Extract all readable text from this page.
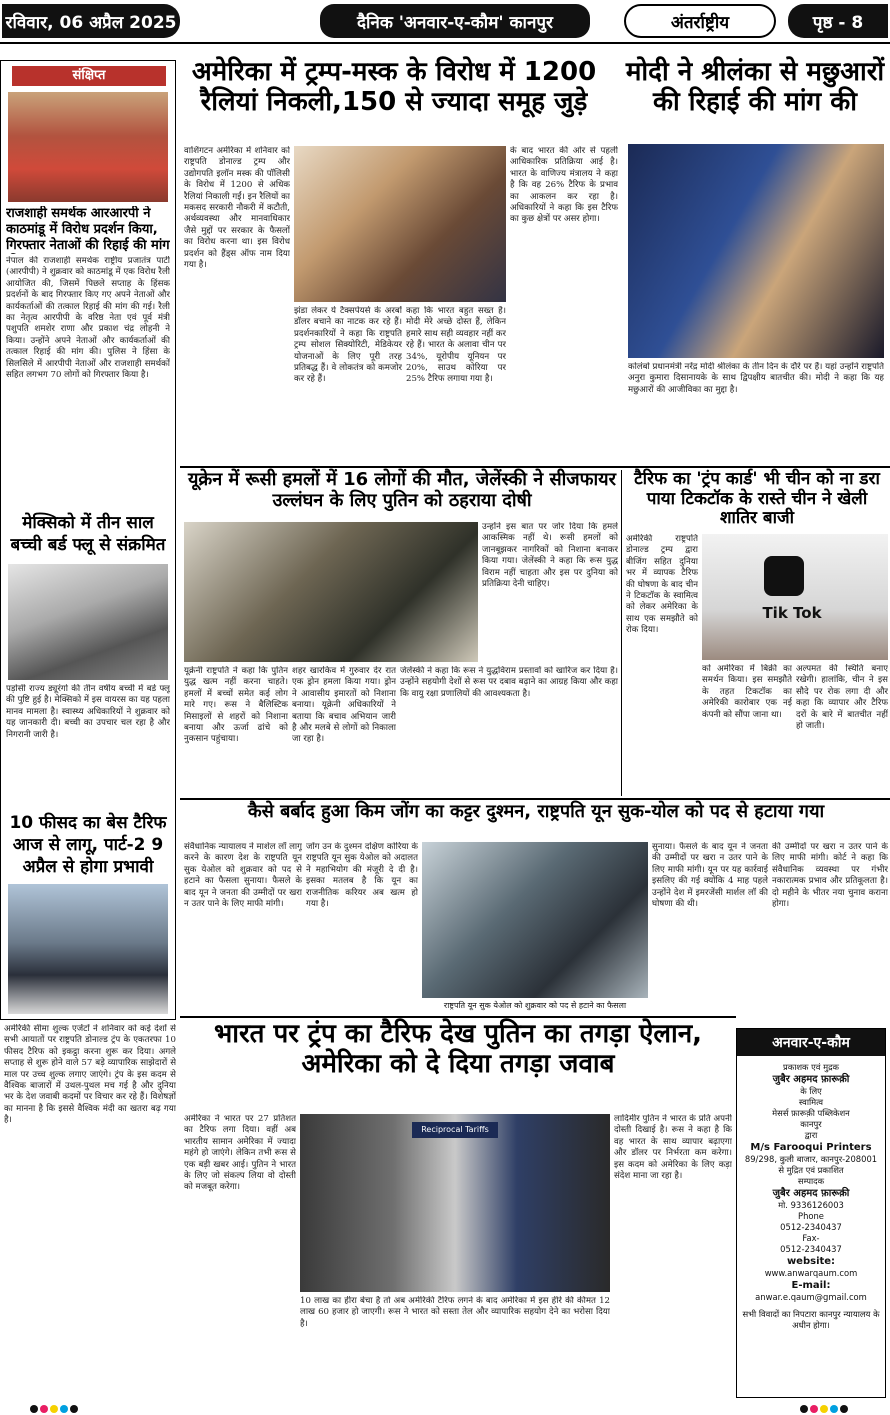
रविवार, 06 अप्रैल 2025	दैनिक 'अनवार-ए-कौम' कानपुर	अंतर्राष्ट्रीय	पृष्ठ - 8
संक्षिप्त
राजशाही समर्थक आरआरपी ने काठमांडू में विरोध प्रदर्शन किया, गिरफ्तार नेताओं की रिहाई की मांग
नेपाल की राजशाही समर्थक राष्ट्रीय प्रजातंत्र पार्टी (आरपीपी) ने शुक्रवार को काठमांडू में एक विरोध रैली आयोजित की, जिसमें पिछले सप्ताह के हिंसक प्रदर्शनों के बाद गिरफ्तार किए गए अपने नेताओं और कार्यकर्ताओं की तत्काल रिहाई की मांग की गई। रैली का नेतृत्व आरपीपी के वरिष्ठ नेता एवं पूर्व मंत्री पशुपति शमशेर राणा और प्रकाश चंद्र लोहनी ने किया। उन्होंने अपने नेताओं और कार्यकर्ताओं की तत्काल रिहाई की मांग की। पुलिस ने हिंसा के सिलसिले में आरपीपी नेताओं और राजशाही समर्थकों सहित लगभग 70 लोगों को गिरफ्तार किया है।
मेक्सिको में तीन साल बच्ची बर्ड फ्लू से संक्रमित
पड़ोसी राज्य ड्यूरंगो की तीन वर्षीय बच्ची में बर्ड फ्लू की पुष्टि हुई है। मेक्सिको में इस वायरस का यह पहला मानव मामला है। स्वास्थ्य अधिकारियों ने शुक्रवार को यह जानकारी दी। बच्ची का उपचार चल रहा है और निगरानी जारी है।
10 फीसद का बेस टैरिफ आज से लागू, पार्ट-2 9 अप्रैल से होगा प्रभावी
अमेरिका में ट्रम्प-मस्क के विरोध में 1200 रैलियां निकली,150 से ज्यादा समूह जुड़े
वाशिंगटन अमेरिका में शनिवार को राष्ट्रपति डोनाल्ड ट्रम्प और उद्योगपति इलॉन मस्क की पॉलिसी के विरोध में 1200 से अधिक रैलियां निकाली गईं। इन रैलियों का मकसद सरकारी नौकरी में कटौती, अर्थव्यवस्था और मानवाधिकार जैसे मुद्दों पर सरकार के फैसलों का विरोध करना था। इस विरोध प्रदर्शन को हैंड्स ऑफ नाम दिया गया है।
झंडा लेकर ये टैक्सपेयर्स के अरबों डॉलर बचाने का नाटक कर रहे हैं। प्रदर्शनकारियों ने कहा कि राष्ट्रपति ट्रम्प सोशल सिक्योरिटी, मेडिकेयर योजनाओं के लिए पूरी तरह प्रतिबद्ध हैं। वे लोकतंत्र को कमजोर कर रहे हैं।
कहा कि भारत बहुत सख्त है। मोदी मेरे अच्छे दोस्त हैं, लेकिन हमारे साथ सही व्यवहार नहीं कर रहे हैं। भारत के अलावा चीन पर 34%, यूरोपीय यूनियन पर 20%, साउथ कोरिया पर 25% टैरिफ लगाया गया है।
के बाद भारत की ओर से पहली आधिकारिक प्रतिक्रिया आई है। भारत के वाणिज्य मंत्रालय ने कहा है कि वह 26% टैरिफ के प्रभाव का आकलन कर रहा है। अधिकारियों ने कहा कि इस टैरिफ का कुछ क्षेत्रों पर असर होगा।
मोदी ने श्रीलंका से मछुआरों की रिहाई की मांग की
कोलंबो प्रधानमंत्री नरेंद्र मोदी श्रीलंका के तीन दिन के दौरे पर हैं। यहां उन्होंने राष्ट्रपति अनुरा कुमारा दिसानायके के साथ द्विपक्षीय बातचीत की। मोदी ने कहा कि यह मछुआरों की आजीविका का मुद्दा है।
यूक्रेन में रूसी हमलों में 16 लोगों की मौत, जेलेंस्की ने सीजफायर उल्लंघन के लिए पुतिन को ठहराया दोषी
उन्होंने इस बात पर जोर दिया कि हमले आकस्मिक नहीं थे। रूसी हमलों को जानबूझकर नागरिकों को निशाना बनाकर किया गया। जेलेंस्की ने कहा कि रूस युद्ध विराम नहीं चाहता और इस पर दुनिया को प्रतिक्रिया देनी चाहिए।
यूक्रेनी राष्ट्रपति ने कहा कि पुतिन युद्ध खत्म नहीं करना चाहते। हमलों में बच्चों समेत कई लोग मारे गए। रूस ने बैलिस्टिक मिसाइलों से शहरों को निशाना बनाया और ऊर्जा ढांचे को नुकसान पहुंचाया।
शहर खारकिव में गुरुवार देर रात एक ड्रोन हमला किया गया। ड्रोन ने आवासीय इमारतों को निशाना बनाया। यूक्रेनी अधिकारियों ने बताया कि बचाव अभियान जारी है और मलबे से लोगों को निकाला जा रहा है।
जेलेंस्की ने कहा कि रूस ने युद्धविराम प्रस्तावों को खारिज कर दिया है। उन्होंने सहयोगी देशों से रूस पर दबाव बढ़ाने का आग्रह किया और कहा कि वायु रक्षा प्रणालियों की आवश्यकता है।
टैरिफ का 'ट्रंप कार्ड' भी चीन को ना डरा पाया टिकटॉक के रास्ते चीन ने खेली शातिर बाजी
Tik Tok
अमेरिकी राष्ट्रपति डोनाल्ड ट्रम्प द्वारा बीजिंग सहित दुनिया भर में व्यापक टैरिफ की घोषणा के बाद चीन ने टिकटॉक के स्वामित्व को लेकर अमेरिका के साथ एक समझौते को रोक दिया।
को अमेरिका में बिक्री का समर्थन किया। इस समझौते के तहत टिकटॉक का अमेरिकी कारोबार एक नई कंपनी को सौंपा जाना था।
अल्पमत की स्थिति बनाए रखेगी। हालांकि, चीन ने इस सौदे पर रोक लगा दी और कहा कि व्यापार और टैरिफ दरों के बारे में बातचीत नहीं हो जाती।
कैसे बर्बाद हुआ किम जोंग का कट्टर दुश्मन, राष्ट्रपति यून सुक-योल को पद से हटाया गया
संवैधानिक न्यायालय ने मार्शल लॉ लागू करने के कारण देश के राष्ट्रपति यून सुक येओल को शुक्रवार को पद से हटाने का फैसला सुनाया। फैसले के बाद यून ने जनता की उम्मीदों पर खरा न उतर पाने के लिए माफी मांगी।
जोंग उन के दुश्मन दक्षिण कोरिया के राष्ट्रपति यून सुक येओल को अदालत ने महाभियोग की मंजूरी दे दी है। इसका मतलब है कि यून का राजनीतिक करियर अब खत्म हो गया है।
राष्ट्रपति यून सुक येओल को शुक्रवार को पद से हटाने का फैसला
सुनाया। फैसले के बाद यून ने जनता की उम्मीदों पर खरा न उतर पाने के लिए माफी मांगी। यून पर यह कार्रवाई इसलिए की गई क्योंकि 4 माह पहले उन्होंने देश में इमरजेंसी मार्शल लॉ की घोषणा की थी।
की उम्मीदों पर खरा न उतर पाने के लिए माफी मांगी। कोर्ट ने कहा कि संवैधानिक व्यवस्था पर गंभीर नकारात्मक प्रभाव और प्रतिकूलता है। दो महीने के भीतर नया चुनाव कराना होगा।
अमेरिकी सीमा शुल्क एजेंटों ने शनिवार को कई देशों से सभी आयातों पर राष्ट्रपति डोनाल्ड ट्रंप के एकतरफा 10 फीसद टैरिफ को इकट्ठा करना शुरू कर दिया। अगले सप्ताह से शुरू होने वाले 57 बड़े व्यापारिक साझेदारों से माल पर उच्च शुल्क लगाए जाएंगे। ट्रंप के इस कदम से वैश्विक बाजारों में उथल-पुथल मच गई है और दुनिया भर के देश जवाबी कदमों पर विचार कर रहे हैं। विशेषज्ञों का मानना है कि इससे वैश्विक मंदी का खतरा बढ़ गया है।
भारत पर ट्रंप का टैरिफ देख पुतिन का तगड़ा ऐलान, अमेरिका को दे दिया तगड़ा जवाब
अमेरिका ने भारत पर 27 प्रतिशत का टैरिफ लगा दिया। वहीं अब भारतीय सामान अमेरिका में ज्यादा महंगे हो जाएंगे। लेकिन तभी रूस से एक बड़ी खबर आई। पुतिन ने भारत के लिए जो संकल्प लिया वो दोस्ती को मजबूत करेगा।
Reciprocal Tariffs
10 लाख का हीरा बेचा है तो अब अमेरिकी टैरिफ लगने के बाद अमेरिका में इस हीरे की कीमत 12 लाख 60 हजार हो जाएगी। रूस ने भारत को सस्ता तेल और व्यापारिक सहयोग देने का भरोसा दिया है।
लादिमीर पुतिन ने भारत के प्रति अपनी दोस्ती दिखाई है। रूस ने कहा है कि वह भारत के साथ व्यापार बढ़ाएगा और डॉलर पर निर्भरता कम करेगा। इस कदम को अमेरिका के लिए कड़ा संदेश माना जा रहा है।
अनवार-ए-कौम
प्रकाशक एवं मुद्रक
जुबैर अहमद फ़ारूक़ी
के लिए
स्वामित्व
मेसर्स फ़ारूक़ी पब्लिकेशन
कानपुर
द्वारा
M/s Farooqui Printers
89/298, कुली बाजार, कानपुर-208001 से मुद्रित एवं प्रकाशित
सम्पादक
जुबैर अहमद फ़ारूक़ी
मो. 9336126003
Phone
0512-2340437
Fax-
0512-2340437
website:
www.anwarqaum.com
E-mail:
anwar.e.qaum@gmail.com
सभी विवादों का निपटारा कानपुर न्यायालय के अधीन होगा।
